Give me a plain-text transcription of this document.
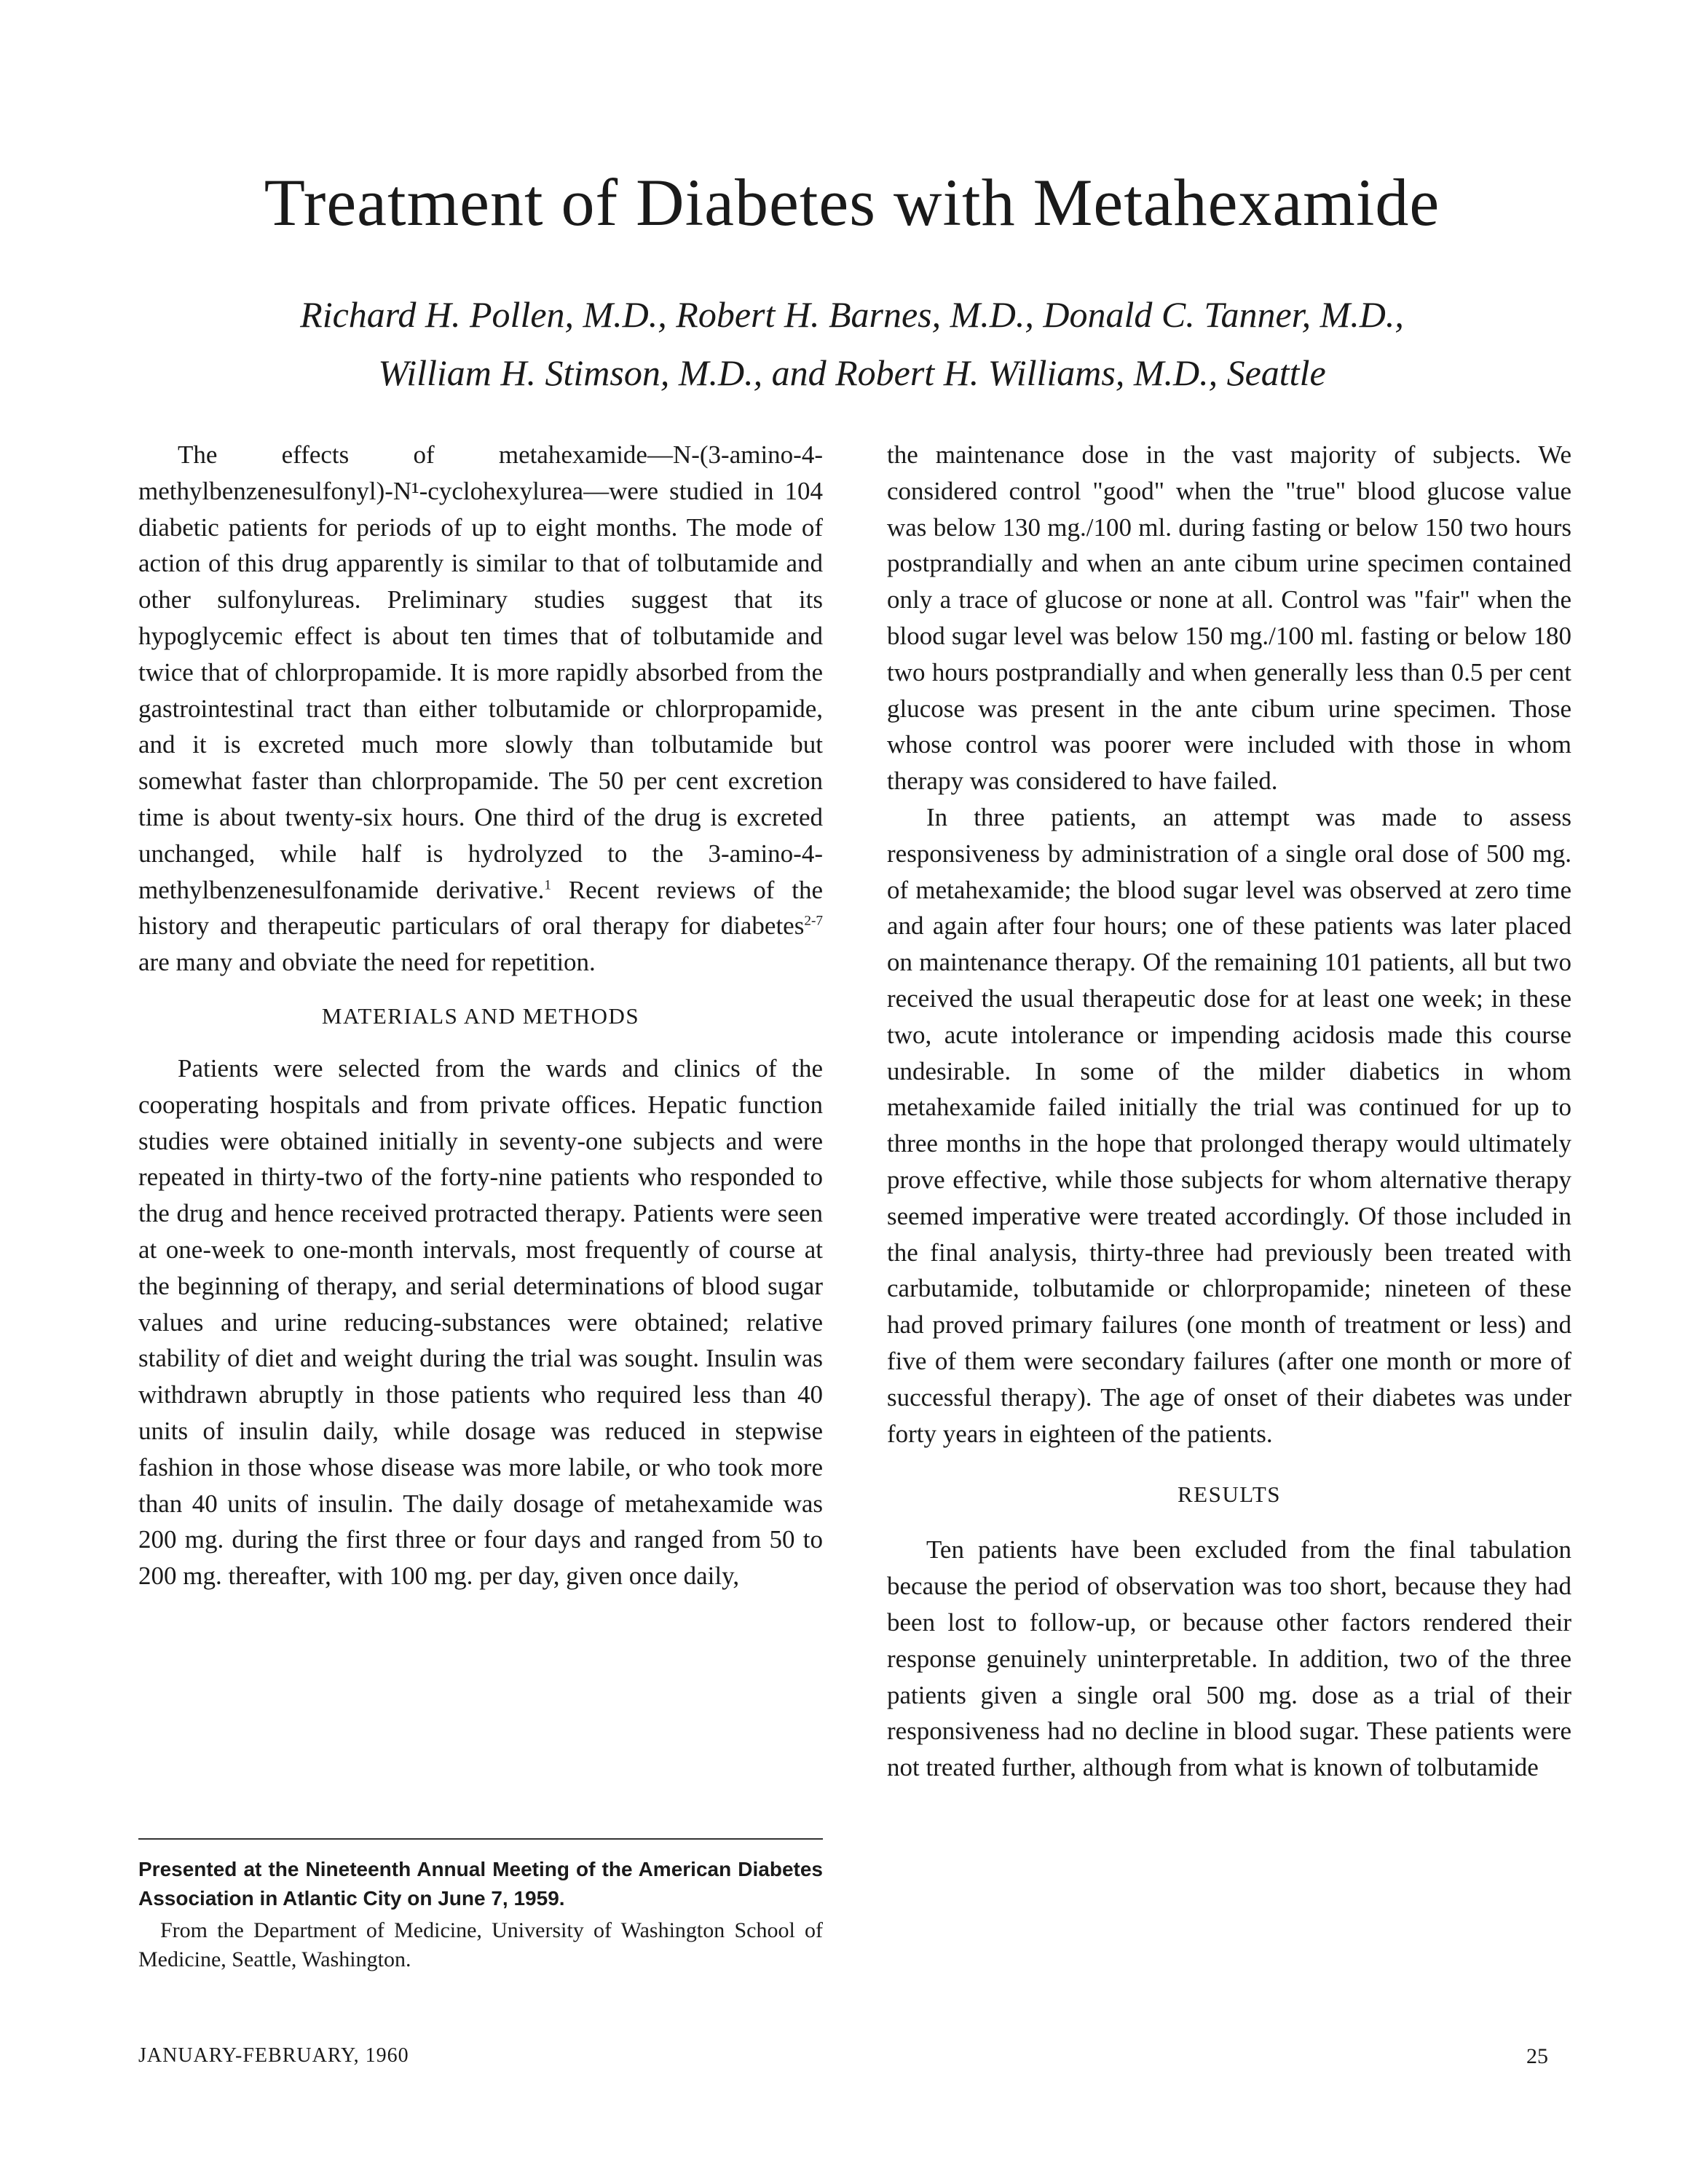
Treatment of Diabetes with Metahexamide
Richard H. Pollen, M.D., Robert H. Barnes, M.D., Donald C. Tanner, M.D.,
William H. Stimson, M.D., and Robert H. Williams, M.D., Seattle

The effects of metahexamide—N-(3-amino-4-methylbenzenesulfonyl)-N¹-cyclohexylurea—were studied in 104 diabetic patients for periods of up to eight months. The mode of action of this drug apparently is similar to that of tolbutamide and other sulfonylureas. Preliminary studies suggest that its hypoglycemic effect is about ten times that of tolbutamide and twice that of chlorpropamide. It is more rapidly absorbed from the gastrointestinal tract than either tolbutamide or chlorpropamide, and it is excreted much more slowly than tolbutamide but somewhat faster than chlorpropamide. The 50 per cent excretion time is about twenty-six hours. One third of the drug is excreted unchanged, while half is hydrolyzed to the 3-amino-4-methylbenzenesulfonamide derivative.$^1$ Recent reviews of the history and therapeutic particulars of oral therapy for diabetes$^{2-7}$ are many and obviate the need for repetition.

MATERIALS AND METHODS

Patients were selected from the wards and clinics of the cooperating hospitals and from private offices. Hepatic function studies were obtained initially in seventy-one subjects and were repeated in thirty-two of the forty-nine patients who responded to the drug and hence received protracted therapy. Patients were seen at one-week to one-month intervals, most frequently of course at the beginning of therapy, and serial determinations of blood sugar values and urine reducing-substances were obtained; relative stability of diet and weight during the trial was sought. Insulin was withdrawn abruptly in those patients who required less than 40 units of insulin daily, while dosage was reduced in stepwise fashion in those whose disease was more labile, or who took more than 40 units of insulin. The daily dosage of metahexamide was 200 mg. during the first three or four days and ranged from 50 to 200 mg. thereafter, with 100 mg. per day, given once daily,

the maintenance dose in the vast majority of subjects. We considered control "good" when the "true" blood glucose value was below 130 mg./100 ml. during fasting or below 150 two hours postprandially and when an ante cibum urine specimen contained only a trace of glucose or none at all. Control was "fair" when the blood sugar level was below 150 mg./100 ml. fasting or below 180 two hours postprandially and when generally less than 0.5 per cent glucose was present in the ante cibum urine specimen. Those whose control was poorer were included with those in whom therapy was considered to have failed.

In three patients, an attempt was made to assess responsiveness by administration of a single oral dose of 500 mg. of metahexamide; the blood sugar level was observed at zero time and again after four hours; one of these patients was later placed on maintenance therapy. Of the remaining 101 patients, all but two received the usual therapeutic dose for at least one week; in these two, acute intolerance or impending acidosis made this course undesirable. In some of the milder diabetics in whom metahexamide failed initially the trial was continued for up to three months in the hope that prolonged therapy would ultimately prove effective, while those subjects for whom alternative therapy seemed imperative were treated accordingly. Of those included in the final analysis, thirty-three had previously been treated with carbutamide, tolbutamide or chlorpropamide; nineteen of these had proved primary failures (one month of treatment or less) and five of them were secondary failures (after one month or more of successful therapy). The age of onset of their diabetes was under forty years in eighteen of the patients.

RESULTS

Ten patients have been excluded from the final tabulation because the period of observation was too short, because they had been lost to follow-up, or because other factors rendered their response genuinely uninterpretable. In addition, two of the three patients given a single oral 500 mg. dose as a trial of their responsiveness had no decline in blood sugar. These patients were not treated further, although from what is known of tolbutamide

Presented at the Nineteenth Annual Meeting of the American Diabetes Association in Atlantic City on June 7, 1959.

From the Department of Medicine, University of Washington School of Medicine, Seattle, Washington.

JANUARY-FEBRUARY, 1960	25
